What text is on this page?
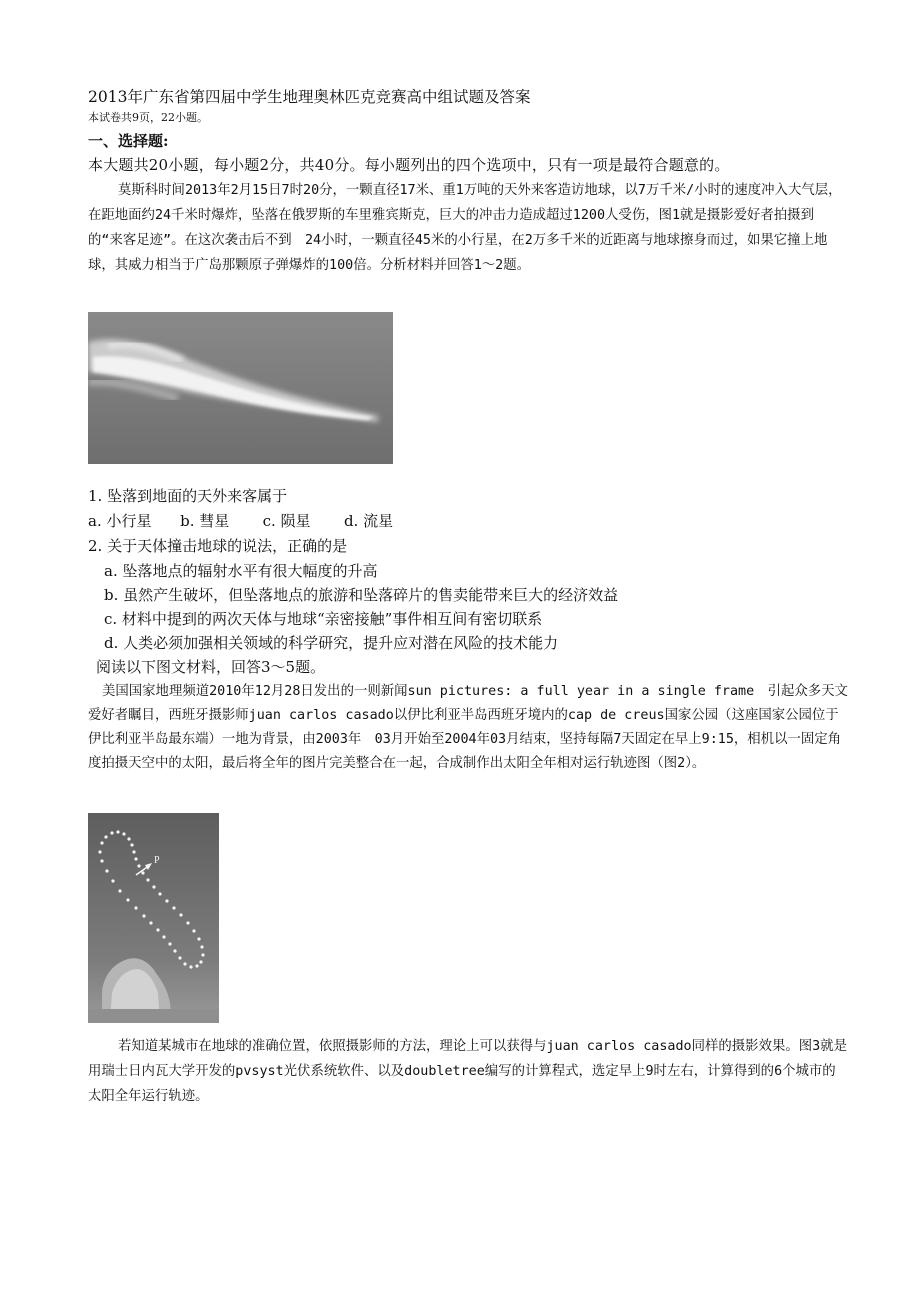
2013年广东省第四届中学生地理奥林匹克竞赛高中组试题及答案

本试卷共9页，22小题。

一、选择题:

本大题共20小题，每小题2分，共40分。每小题列出的四个选项中，只有一项是最符合题意的。

莫斯科时间2013年2月15日7时20分，一颗直径17米、重1万吨的天外来客造访地球，以7万千米/小时的速度冲入大气层，在距地面约24千米时爆炸，坠落在俄罗斯的车里雅宾斯克，巨大的冲击力造成超过1200人受伤，图1就是摄影爱好者拍摄到的“来客足迹”。在这次袭击后不到　24小时，一颗直径45米的小行星，在2万多千米的近距离与地球擦身而过，如果它撞上地球，其威力相当于广岛那颗原子弹爆炸的100倍。分析材料并回答1～2题。

1. 坠落到地面的天外来客属于

a. 小行星 b. 彗星 c. 陨星 d. 流星

2. 关于天体撞击地球的说法，正确的是

a. 坠落地点的辐射水平有很大幅度的升高

b. 虽然产生破坏，但坠落地点的旅游和坠落碎片的售卖能带来巨大的经济效益

c. 材料中提到的两次天体与地球“亲密接触”事件相互间有密切联系

d. 人类必须加强相关领域的科学研究，提升应对潜在风险的技术能力

阅读以下图文材料，回答3～5题。

美国国家地理频道2010年12月28日发出的一则新闻sun pictures: a full year in a single frame　引起众多天文爱好者瞩目，西班牙摄影师juan carlos casado以伊比利亚半岛西班牙境内的cap de creus国家公园（这座国家公园位于伊比利亚半岛最东端）一地为背景，由2003年　03月开始至2004年03月结束，坚持每隔7天固定在早上9:15，相机以一固定角度拍摄天空中的太阳，最后将全年的图片完美整合在一起，合成制作出太阳全年相对运行轨迹图（图2）。

P

若知道某城市在地球的准确位置，依照摄影师的方法，理论上可以获得与juan carlos casado同样的摄影效果。图3就是用瑞士日内瓦大学开发的pvsyst光伏系统软件、以及doubletree编写的计算程式，选定早上9时左右，计算得到的6个城市的太阳全年运行轨迹。
